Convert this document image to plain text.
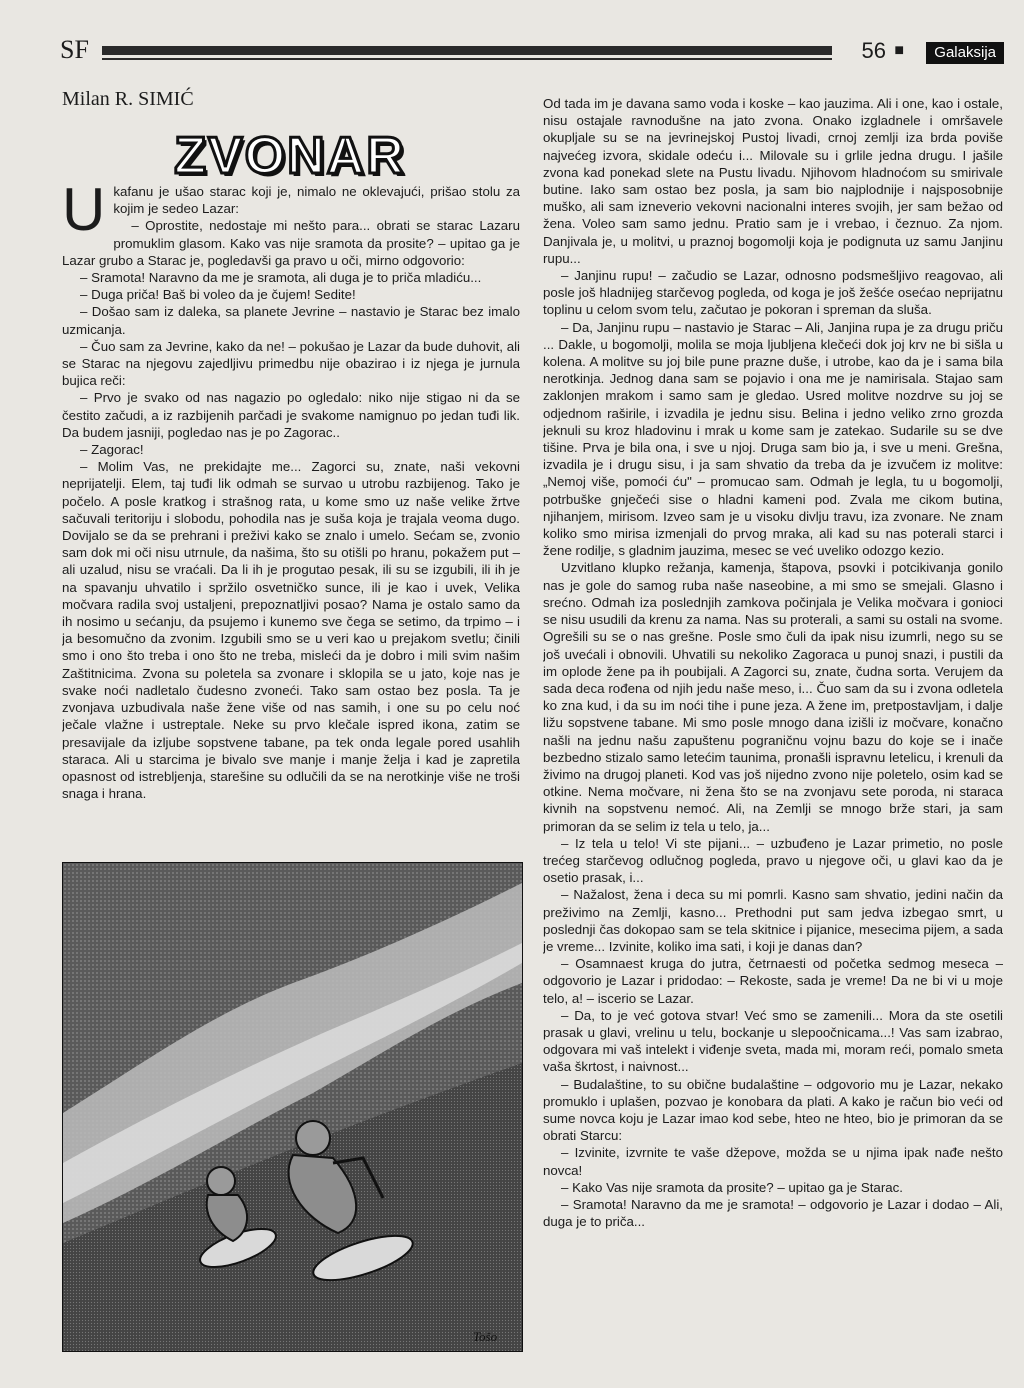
SF	56 ■	Galaksija
Milan R. SIMIĆ
ZVONAR
U kafanu je ušao starac koji je, nimalo ne oklevajući, prišao stolu za kojim je sedeo Lazar:

– Oprostite, nedostaje mi nešto para... obrati se starac Lazaru promuklim glasom. Kako vas nije sramota da prosite? – upitao ga je Lazar grubo a Starac je, pogledavši ga pravo u oči, mirno odgovorio:

– Sramota! Naravno da me je sramota, ali duga je to priča mladiću...

– Duga priča! Baš bi voleo da je čujem! Sedite!

– Došao sam iz daleka, sa planete Jevrine – nastavio je Starac bez imalo uzmicanja.

– Čuo sam za Jevrine, kako da ne! – pokušao je Lazar da bude duhovit, ali se Starac na njegovu zajedljivu primedbu nije obazirao i iz njega je jurnula bujica reči:

– Prvo je svako od nas nagazio po ogledalo: niko nije stigao ni da se čestito začudi, a iz razbijenih parčadi je svakome namignuo po jedan tuđi lik. Da budem jasniji, pogledao nas je po Zagorac..

– Zagorac!

– Molim Vas, ne prekidajte me... Zagorci su, znate, naši vekovni neprijatelji. Elem, taj tuđi lik odmah se survao u utrobu razbijenog. Tako je počelo. A posle kratkog i strašnog rata, u kome smo uz naše velike žrtve sačuvali teritoriju i slobodu, pohodila nas je suša koja je trajala veoma dugo. Dovijalo se da se prehrani i preživi kako se znalo i umelo. Sećam se, zvonio sam dok mi oči nisu utrnule, da našima, što su otišli po hranu, pokažem put – ali uzalud, nisu se vraćali. Da li ih je progutao pesak, ili su se izgubili, ili ih je na spavanju uhvatilo i spržilo osvetničko sunce, ili je kao i uvek, Velika močvara radila svoj ustaljeni, prepoznatljivi posao? Nama je ostalo samo da ih nosimo u sećanju, da psujemo i kunemo sve čega se setimo, da trpimo – i ja besomučno da zvonim. Izgubili smo se u veri kao u prejakom svetlu; činili smo i ono što treba i ono što ne treba, misleći da je dobro i mili svim našim Zaštitnicima. Zvona su poletela sa zvonare i sklopila se u jato, koje nas je svake noći nadletalo čudesno zvoneći. Tako sam ostao bez posla. Ta je zvonjava uzbudivala naše žene više od nas samih, i one su po celu noć ječale vlažne i ustreptale. Neke su prvo klečale ispred ikona, zatim se presavijale da izljube sopstvene tabane, pa tek onda legale pored usahlih staraca. Ali u starcima je bivalo sve manje i manje želja i kad je zapretila opasnost od istrebljenja, starešine su odlučili da se na nerotkinje više ne troši snaga i hrana.

Tošo

Od tada im je davana samo voda i koske – kao jauzima. Ali i one, kao i ostale, nisu ostajale ravnodušne na jato zvona. Onako izgladnele i omršavele okupljale su se na jevrinejskoj Pustoj livadi, crnoj zemlji iza brda poviše najvećeg izvora, skidale odeću i... Milovale su i grlile jedna drugu. I jašile zvona kad ponekad slete na Pustu livadu. Njihovom hladnoćom su smirivale butine. Iako sam ostao bez posla, ja sam bio najplodnije i najsposobnije muško, ali sam izneverio vekovni nacionalni interes svojih, jer sam bežao od žena. Voleo sam samo jednu. Pratio sam je i vrebao, i čeznuo. Za njom. Danjivala je, u molitvi, u praznoj bogomolji koja je podignuta uz samu Janjinu rupu...

– Janjinu rupu! – začudio se Lazar, odnosno podsmešljivo reagovao, ali posle još hladnijeg starčevog pogleda, od koga je još žešće osećao neprijatnu toplinu u celom svom telu, začutao je pokoran i spreman da sluša.

– Da, Janjinu rupu – nastavio je Starac – Ali, Janjina rupa je za drugu priču ... Dakle, u bogomolji, molila se moja ljubljena klečeći dok joj krv ne bi sišla u kolena. A molitve su joj bile pune prazne duše, i utrobe, kao da je i sama bila nerotkinja. Jednog dana sam se pojavio i ona me je namirisala. Stajao sam zaklonjen mrakom i samo sam je gledao. Usred molitve nozdrve su joj se odjednom raširile, i izvadila je jednu sisu. Belina i jedno veliko zrno grozda jeknuli su kroz hladovinu i mrak u kome sam je zatekao. Sudarile su se dve tišine. Prva je bila ona, i sve u njoj. Druga sam bio ja, i sve u meni. Grešna, izvadila je i drugu sisu, i ja sam shvatio da treba da je izvučem iz molitve: „Nemoj više, pomoći ću" – promucao sam. Odmah je legla, tu u bogomolji, potrbuške gnječeći sise o hladni kameni pod. Zvala me cikom butina, njihanjem, mirisom. Izveo sam je u visoku divlju travu, iza zvonare. Ne znam koliko smo mirisa izmenjali do prvog mraka, ali kad su nas poterali starci i žene rodilje, s gladnim jauzima, mesec se već uveliko odozgo kezio.

Uzvitlano klupko režanja, kamenja, štapova, psovki i potcikivanja gonilo nas je gole do samog ruba naše naseobine, a mi smo se smejali. Glasno i srećno. Odmah iza poslednjih zamkova počinjala je Velika močvara i gonioci se nisu usudili da krenu za nama. Nas su proterali, a sami su ostali na svome. Ogrešili su se o nas grešne. Posle smo čuli da ipak nisu izumrli, nego su se još uvećali i obnovili. Uhvatili su nekoliko Zagoraca u punoj snazi, i pustili da im oplode žene pa ih poubijali. A Zagorci su, znate, čudna sorta. Verujem da sada deca rođena od njih jedu naše meso, i... Čuo sam da su i zvona odletela ko zna kud, i da su im noći tihe i pune jeza. A žene im, pretpostavljam, i dalje ližu sopstvene tabane. Mi smo posle mnogo dana izišli iz močvare, konačno našli na jednu našu zapuštenu pograničnu vojnu bazu do koje se i inače bezbedno stizalo samo letećim taunima, pronašli ispravnu letelicu, i krenuli da živimo na drugoj planeti. Kod vas još nijedno zvono nije poletelo, osim kad se otkine. Nema močvare, ni žena što se na zvonjavu sete poroda, ni staraca kivnih na sopstvenu nemoć. Ali, na Zemlji se mnogo brže stari, ja sam primoran da se selim iz tela u telo, ja...

– Iz tela u telo! Vi ste pijani... – uzbuđeno je Lazar primetio, no posle trećeg starčevog odlučnog pogleda, pravo u njegove oči, u glavi kao da je osetio prasak, i...

– Nažalost, žena i deca su mi pomrli. Kasno sam shvatio, jedini način da preživimo na Zemlji, kasno... Prethodni put sam jedva izbegao smrt, u poslednji čas dokopao sam se tela skitnice i pijanice, mesecima pijem, a sada je vreme... Izvinite, koliko ima sati, i koji je danas dan?

– Osamnaest kruga do jutra, četrnaesti od početka sedmog meseca – odgovorio je Lazar i pridodao: – Rekoste, sada je vreme! Da ne bi vi u moje telo, a! – iscerio se Lazar.

– Da, to je već gotova stvar! Već smo se zamenili... Mora da ste osetili prasak u glavi, vrelinu u telu, bockanje u slepoočnicama...! Vas sam izabrao, odgovara mi vaš intelekt i viđenje sveta, mada mi, moram reći, pomalo smeta vaša škrtost, i naivnost...

– Budalaštine, to su obične budalaštine – odgovorio mu je Lazar, nekako promuklo i uplašen, pozvao je konobara da plati. A kako je račun bio veći od sume novca koju je Lazar imao kod sebe, hteo ne hteo, bio je primoran da se obrati Starcu:

– Izvinite, izvrnite te vaše džepove, možda se u njima ipak nađe nešto novca!

– Kako Vas nije sramota da prosite? – upitao ga je Starac.

– Sramota! Naravno da me je sramota! – odgovorio je Lazar i dodao – Ali, duga je to priča...
